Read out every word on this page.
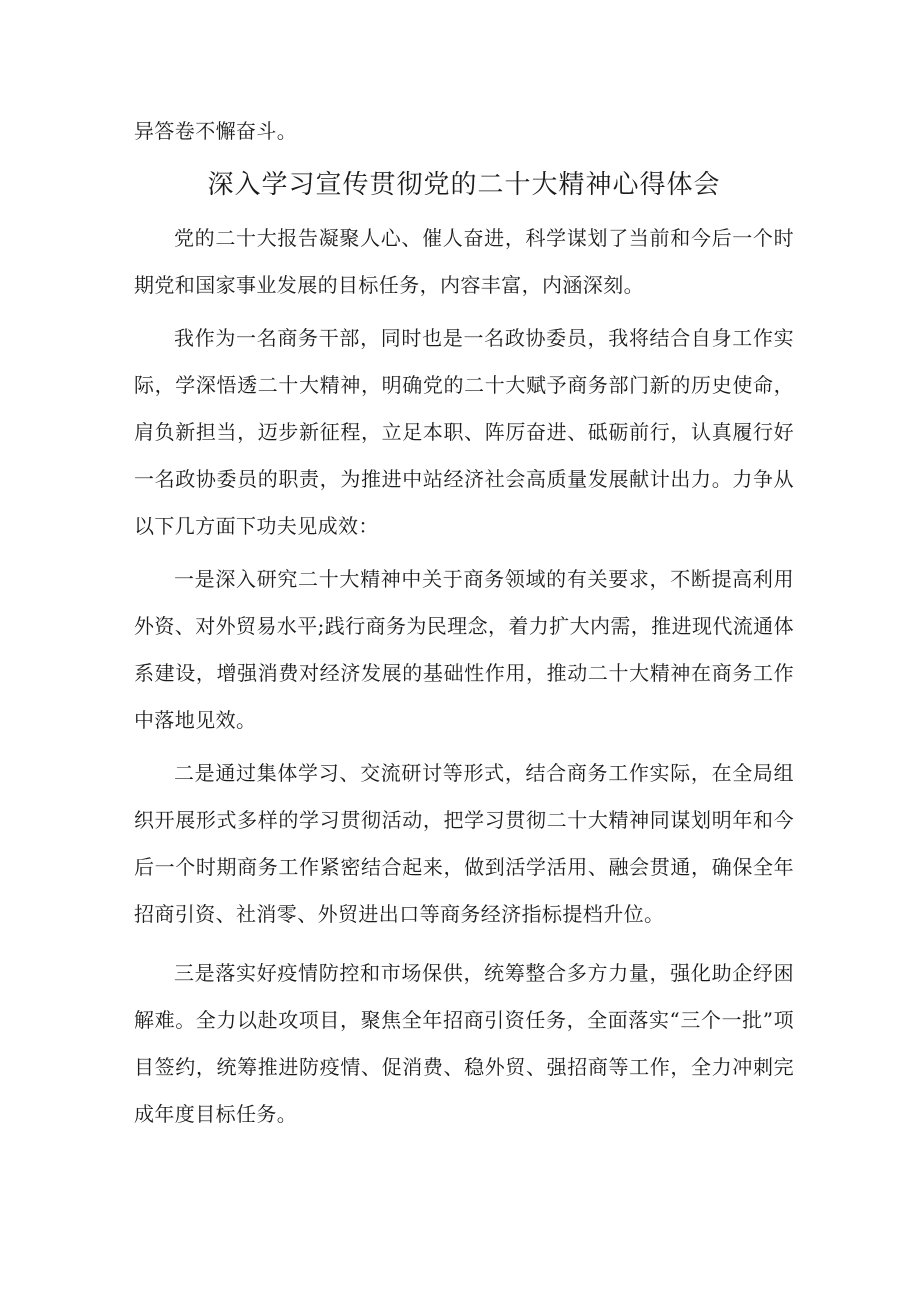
异答卷不懈奋斗。

深入学习宣传贯彻党的二十大精神心得体会

党的二十大报告凝聚人心、催人奋进，科学谋划了当前和今后一个时期党和国家事业发展的目标任务，内容丰富，内涵深刻。

我作为一名商务干部，同时也是一名政协委员，我将结合自身工作实际，学深悟透二十大精神，明确党的二十大赋予商务部门新的历史使命，肩负新担当，迈步新征程，立足本职、阵厉奋进、砥砺前行，认真履行好一名政协委员的职责，为推进中站经济社会高质量发展献计出力。力争从以下几方面下功夫见成效：

一是深入研究二十大精神中关于商务领域的有关要求，不断提高利用外资、对外贸易水平;践行商务为民理念，着力扩大内需，推进现代流通体系建设，增强消费对经济发展的基础性作用，推动二十大精神在商务工作中落地见效。

二是通过集体学习、交流研讨等形式，结合商务工作实际，在全局组织开展形式多样的学习贯彻活动，把学习贯彻二十大精神同谋划明年和今后一个时期商务工作紧密结合起来，做到活学活用、融会贯通，确保全年招商引资、社消零、外贸进出口等商务经济指标提档升位。

三是落实好疫情防控和市场保供，统筹整合多方力量，强化助企纾困解难。全力以赴攻项目，聚焦全年招商引资任务，全面落实“三个一批”项目签约，统筹推进防疫情、促消费、稳外贸、强招商等工作，全力冲刺完成年度目标任务。
